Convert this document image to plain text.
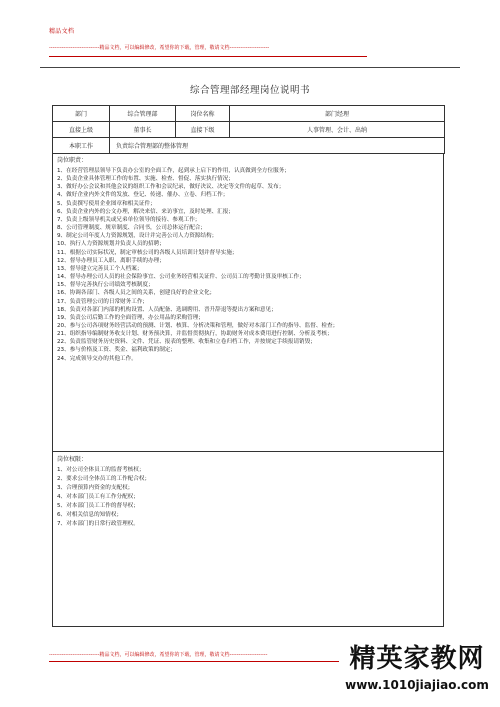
精品文档
----------------------------精品文档，可以编辑修改，希望你的下载，管理，敬请文档----------------------
综合管理部经理岗位说明书
部门	综合管理部	岗位名称	部门经理
直接上级	董事长	直接下级	人事管理、会计、出纳
本职工作	负责综合管理部的整体管理		
岗位职责：
1、在经营管理层领导下负责办公室的全面工作，起到承上启下的作用，认真做到全方位服务；
2、负责企业具体管理工作的布置、实施、检查、督促、落实执行情况；
3、做好办公会议和其他会议的组织工作和会议纪录，做好决议、决定等文件的起草、发布；
4、做好企业内外文件的发放、登记、传递、催办、立卷、归档工作；
5、负责撰写使用企业图章和相关证件；
6、负责企业内外的公文办理，解决来信、来访事宜，及时处理、汇报；
7、负责上级领导机关或兄弟单位领导的接待、参观工作；
8、公司管理制度、规章制度、合同书，公司总体运行配合；
9、制定公司年度人力资源规划，设计并完善公司人力资源结构；
10、执行人力资源规划并负责人员的招聘；
11、根据公司实际状况，制定审核公司的各级人员培训计划并督导实施；
12、督导办理员工入职、离职手续的办理；
13、督导建立完善员工个人档案；
14、督导办理公司人员的社会保险事宜、公司业务经营相关证件、公司员工的考勤计算及审核工作；
15、督导完善执行公司绩效考核制度；
16、协调各部门、各级人员之间的关系，创建良好的企业文化；
17、负责管理公司的日常财务工作；
18、负责对各部门内部的机构设置、人员配备、选调聘用、晋升辞退等提出方案和意见；
19、负责公司后勤工作的全面管理，办公用品的采购管理；
20、参与公司各项财务经营活动的预测、计划、核算、分析决策和管理，做好对本部门工作的指导、监督、检查；
21、组织指导编制财务收支计划、财务预决算，并监督贯彻执行，协助财务对成本费用进行控制、分析及考核；
22、负责监管财务历史资料、文件、凭证、报表的整理、收集和立卷归档工作，并按规定手续报请销毁；
23、参与价格及工资、奖金、福利政策的制定；
24、完成领导交办的其他工作。
岗位权限：
1、对公司全体员工的监督考核权；
2、要求公司全体员工的工作配合权；
3、合理预算内资金的支配权；
4、对本部门员工有工作分配权；
5、对本部门员工工作的督导权；
6、对相关信息的知情权；
7、对本部门的日常行政管理权。
----------------------------精品文档，可以编辑修改，希望你的下载，管理，敬请文档---------------------	精英家教网
www.1010jiajiao.com
